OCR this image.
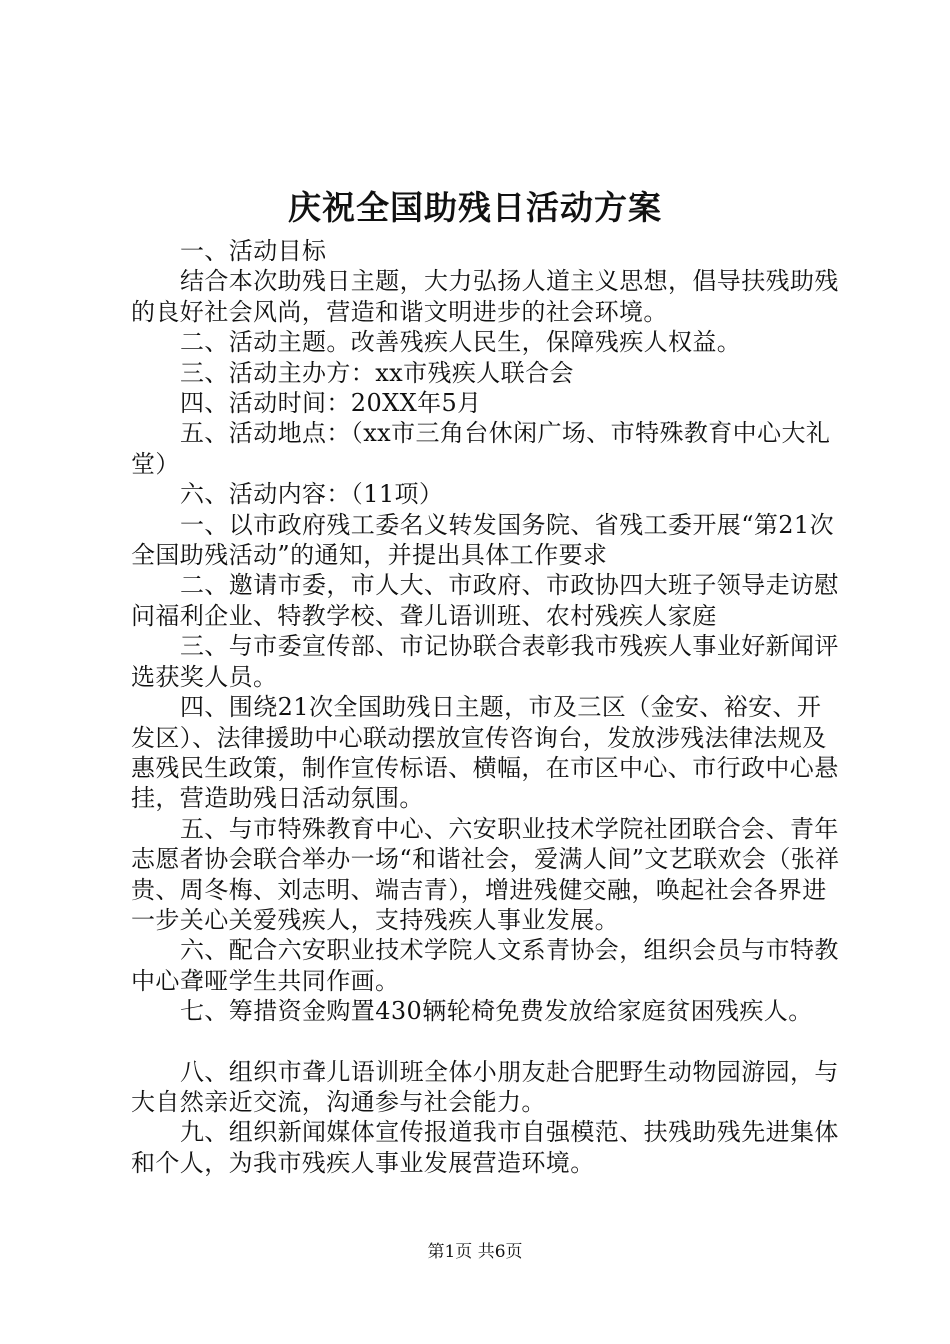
庆祝全国助残日活动方案

一、活动目标

结合本次助残日主题，大力弘扬人道主义思想，倡导扶残助残的良好社会风尚，营造和谐文明进步的社会环境。

二、活动主题。改善残疾人民生，保障残疾人权益。

三、活动主办方：xx市残疾人联合会

四、活动时间：20XX年5月

五、活动地点：（xx市三角台休闲广场、市特殊教育中心大礼堂）

六、活动内容：（11项）

一、以市政府残工委名义转发国务院、省残工委开展“第21次全国助残活动”的通知，并提出具体工作要求

二、邀请市委，市人大、市政府、市政协四大班子领导走访慰问福利企业、特教学校、聋儿语训班、农村残疾人家庭

三、与市委宣传部、市记协联合表彰我市残疾人事业好新闻评选获奖人员。

四、围绕21次全国助残日主题，市及三区（金安、裕安、开发区）、法律援助中心联动摆放宣传咨询台，发放涉残法律法规及惠残民生政策，制作宣传标语、横幅，在市区中心、市行政中心悬挂，营造助残日活动氛围。

五、与市特殊教育中心、六安职业技术学院社团联合会、青年志愿者协会联合举办一场“和谐社会，爱满人间”文艺联欢会（张祥贵、周冬梅、刘志明、端吉青），增进残健交融，唤起社会各界进一步关心关爱残疾人，支持残疾人事业发展。

六、配合六安职业技术学院人文系青协会，组织会员与市特教中心聋哑学生共同作画。

七、筹措资金购置430辆轮椅免费发放给家庭贫困残疾人。

八、组织市聋儿语训班全体小朋友赴合肥野生动物园游园，与大自然亲近交流，沟通参与社会能力。

九、组织新闻媒体宣传报道我市自强模范、扶残助残先进集体和个人，为我市残疾人事业发展营造环境。

第1页 共6页
